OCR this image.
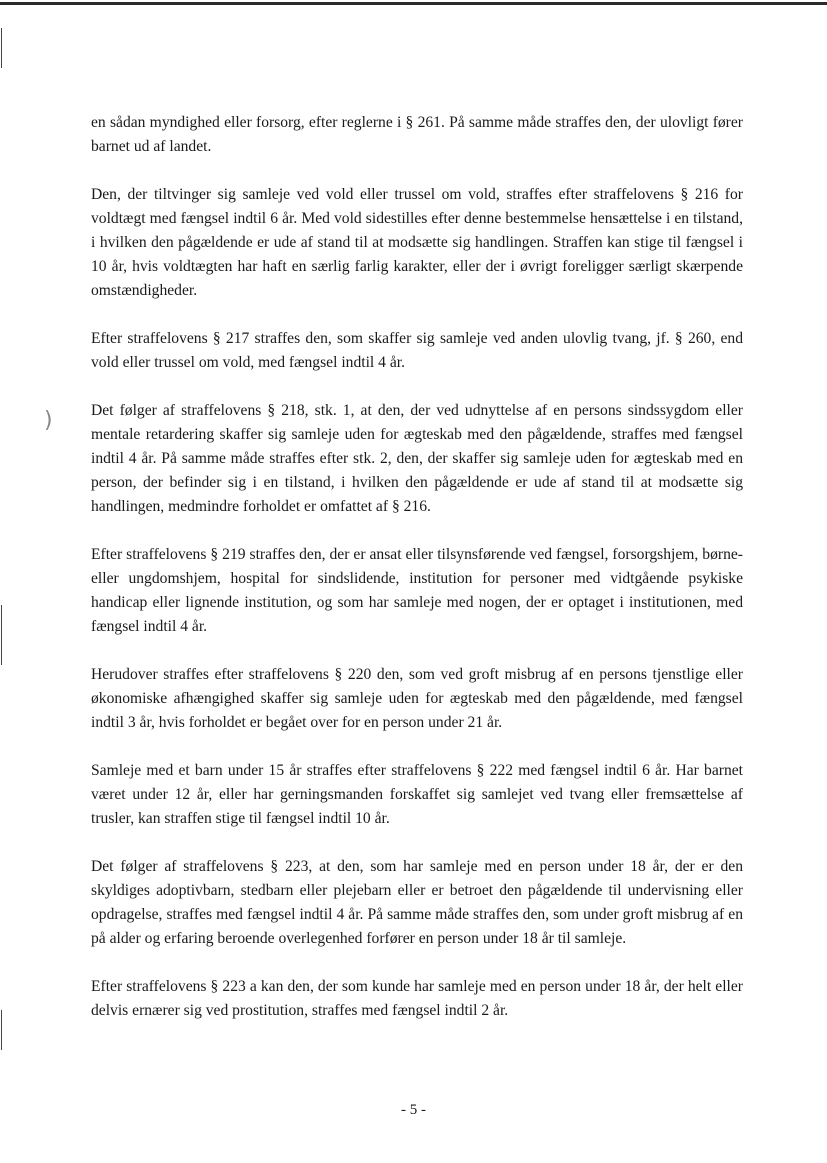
)

en sådan myndighed eller forsorg, efter reglerne i § 261. På samme måde straffes den, der ulovligt fører barnet ud af landet.

Den, der tiltvinger sig samleje ved vold eller trussel om vold, straffes efter straffelovens § 216 for voldtægt med fængsel indtil 6 år. Med vold sidestilles efter denne bestemmelse hensættelse i en tilstand, i hvilken den pågældende er ude af stand til at modsætte sig handlingen. Straffen kan stige til fængsel i 10 år, hvis voldtægten har haft en særlig farlig karakter, eller der i øvrigt foreligger særligt skærpende omstændigheder.

Efter straffelovens § 217 straffes den, som skaffer sig samleje ved anden ulovlig tvang, jf. § 260, end vold eller trussel om vold, med fængsel indtil 4 år.

Det følger af straffelovens § 218, stk. 1, at den, der ved udnyttelse af en persons sindssygdom eller mentale retardering skaffer sig samleje uden for ægteskab med den pågældende, straffes med fængsel indtil 4 år. På samme måde straffes efter stk. 2, den, der skaffer sig samleje uden for ægteskab med en person, der befinder sig i en tilstand, i hvilken den pågældende er ude af stand til at modsætte sig handlingen, medmindre forholdet er omfattet af § 216.

Efter straffelovens § 219 straffes den, der er ansat eller tilsynsførende ved fængsel, forsorgshjem, børne- eller ungdomshjem, hospital for sindslidende, institution for personer med vidtgående psykiske handicap eller lignende institution, og som har samleje med nogen, der er optaget i institutionen, med fængsel indtil 4 år.

Herudover straffes efter straffelovens § 220 den, som ved groft misbrug af en persons tjenstlige eller økonomiske afhængighed skaffer sig samleje uden for ægteskab med den pågældende, med fængsel indtil 3 år, hvis forholdet er begået over for en person under 21 år.

Samleje med et barn under 15 år straffes efter straffelovens § 222 med fængsel indtil 6 år. Har barnet været under 12 år, eller har gerningsmanden forskaffet sig samlejet ved tvang eller fremsættelse af trusler, kan straffen stige til fængsel indtil 10 år.

Det følger af straffelovens § 223, at den, som har samleje med en person under 18 år, der er den skyldiges adoptivbarn, stedbarn eller plejebarn eller er betroet den pågældende til undervisning eller opdragelse, straffes med fængsel indtil 4 år. På samme måde straffes den, som under groft misbrug af en på alder og erfaring beroende overlegenhed forfører en person under 18 år til samleje.

Efter straffelovens § 223 a kan den, der som kunde har samleje med en person under 18 år, der helt eller delvis ernærer sig ved prostitution, straffes med fængsel indtil 2 år.

- 5 -
